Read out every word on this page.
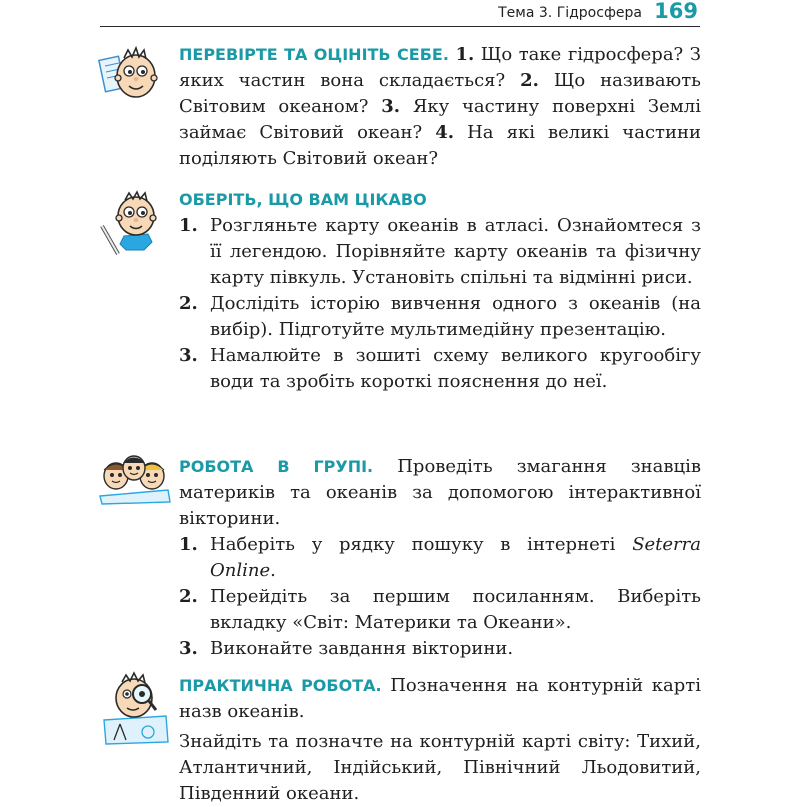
Тема 3. Гідросфера 169

ПЕРЕВІРТЕ ТА ОЦІНІТЬ СЕБЕ. 1. Що таке гідросфера? З яких частин вона складається? 2. Що називають Світовим океаном? 3. Яку частину поверхні Землі займає Світовий океан? 4. На які великі частини поділяють Світовий океан?

ОБЕРІТЬ, ЩО ВАМ ЦІКАВО

1. Розгляньте карту океанів в атласі. Ознайомтеся з її легендою. Порівняйте карту океанів та фізичну карту півкуль. Установіть спільні та відмінні риси.
2. Дослідіть історію вивчення одного з океанів (на вибір). Підготуйте мультимедійну презентацію.
3. Намалюйте в зошиті схему великого кругообігу води та зробіть короткі пояснення до неї.

РОБОТА В ГРУПІ. Проведіть змагання знавців материків та океанів за допомогою інтерактивної вікторини.

1. Наберіть у рядку пошуку в інтернеті Seterra Online.
2. Перейдіть за першим посиланням. Виберіть вкладку «Світ: Материки та Океани».
3. Виконайте завдання вікторини.

ПРАКТИЧНА РОБОТА. Позначення на контурній карті назв океанів.

Знайдіть та позначте на контурній карті світу: Тихий, Атлантичний, Індійський, Північний Льодовитий, Південний океани.
